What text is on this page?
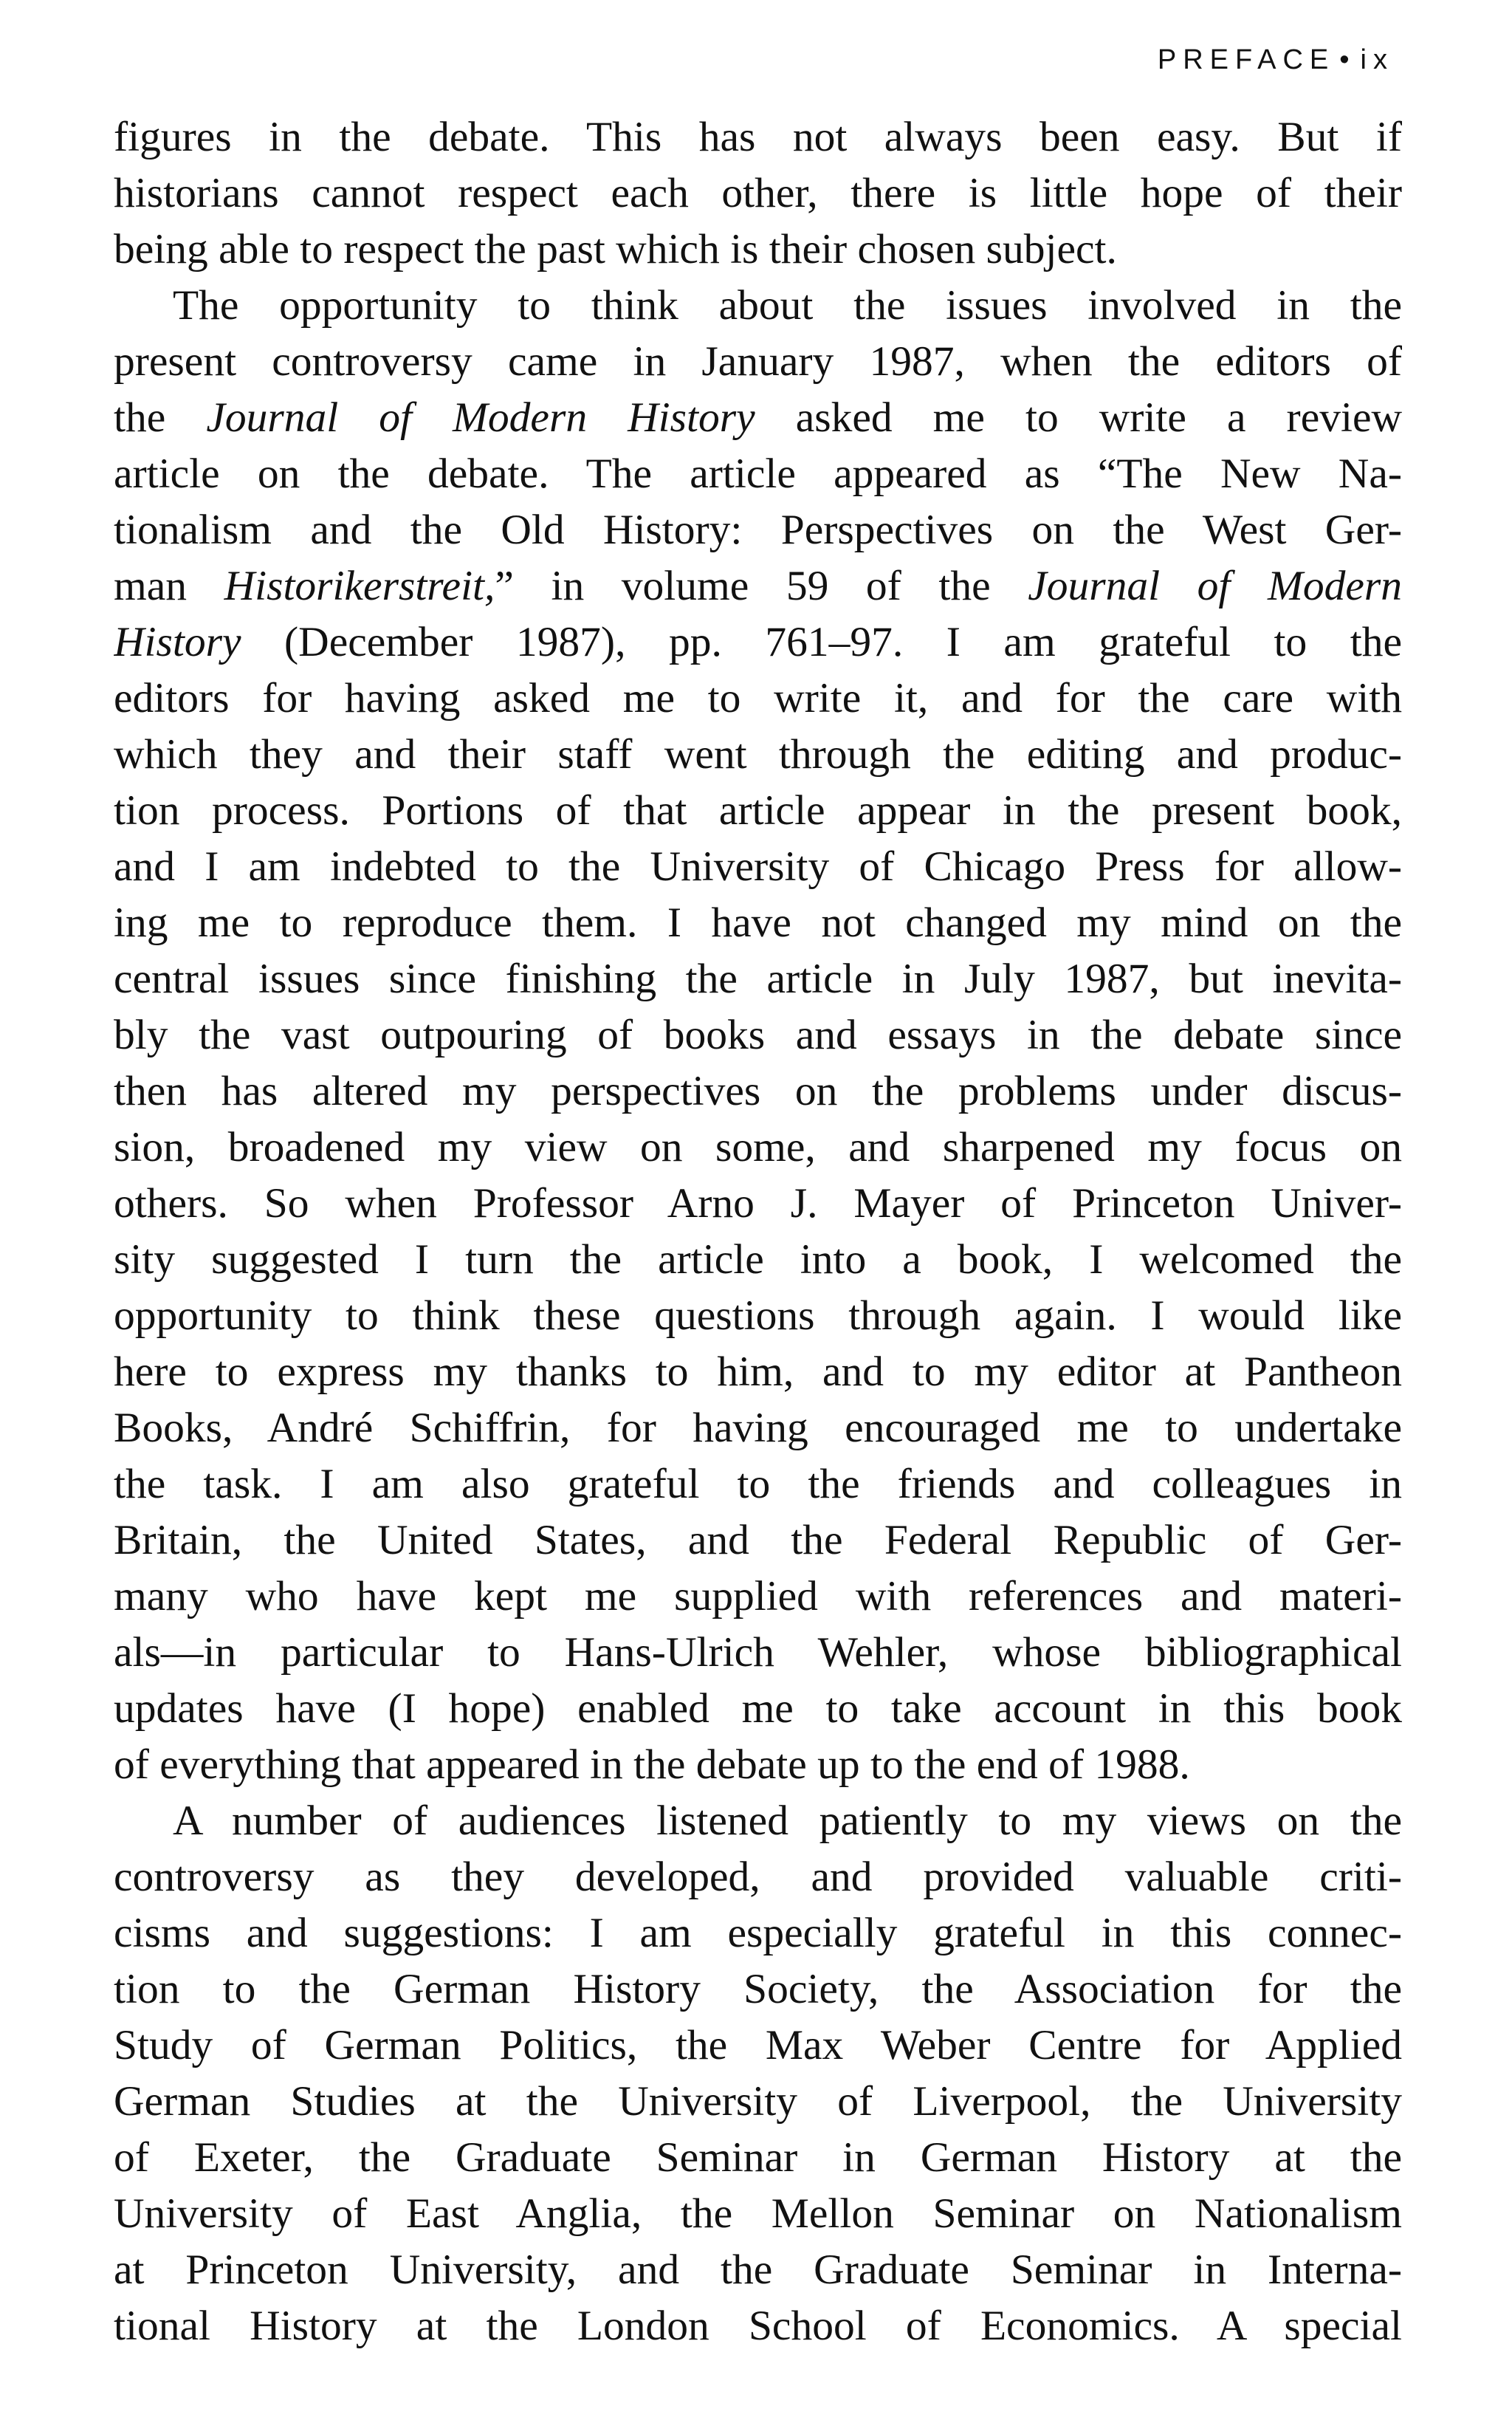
PREFACE • ix
figures in the debate. This has not always been easy. But if
historians cannot respect each other, there is little hope of their
being able to respect the past which is their chosen subject.
The opportunity to think about the issues involved in the
present controversy came in January 1987, when the editors of
the Journal of Modern History asked me to write a review
article on the debate. The article appeared as “The New Na-
tionalism and the Old History: Perspectives on the West Ger-
man Historikerstreit,” in volume 59 of the Journal of Modern
History (December 1987), pp. 761–97. I am grateful to the
editors for having asked me to write it, and for the care with
which they and their staff went through the editing and produc-
tion process. Portions of that article appear in the present book,
and I am indebted to the University of Chicago Press for allow-
ing me to reproduce them. I have not changed my mind on the
central issues since finishing the article in July 1987, but inevita-
bly the vast outpouring of books and essays in the debate since
then has altered my perspectives on the problems under discus-
sion, broadened my view on some, and sharpened my focus on
others. So when Professor Arno J. Mayer of Princeton Univer-
sity suggested I turn the article into a book, I welcomed the
opportunity to think these questions through again. I would like
here to express my thanks to him, and to my editor at Pantheon
Books, André Schiffrin, for having encouraged me to undertake
the task. I am also grateful to the friends and colleagues in
Britain, the United States, and the Federal Republic of Ger-
many who have kept me supplied with references and materi-
als—in particular to Hans-Ulrich Wehler, whose bibliographical
updates have (I hope) enabled me to take account in this book
of everything that appeared in the debate up to the end of 1988.
A number of audiences listened patiently to my views on the
controversy as they developed, and provided valuable criti-
cisms and suggestions: I am especially grateful in this connec-
tion to the German History Society, the Association for the
Study of German Politics, the Max Weber Centre for Applied
German Studies at the University of Liverpool, the University
of Exeter, the Graduate Seminar in German History at the
University of East Anglia, the Mellon Seminar on Nationalism
at Princeton University, and the Graduate Seminar in Interna-
tional History at the London School of Economics. A special
